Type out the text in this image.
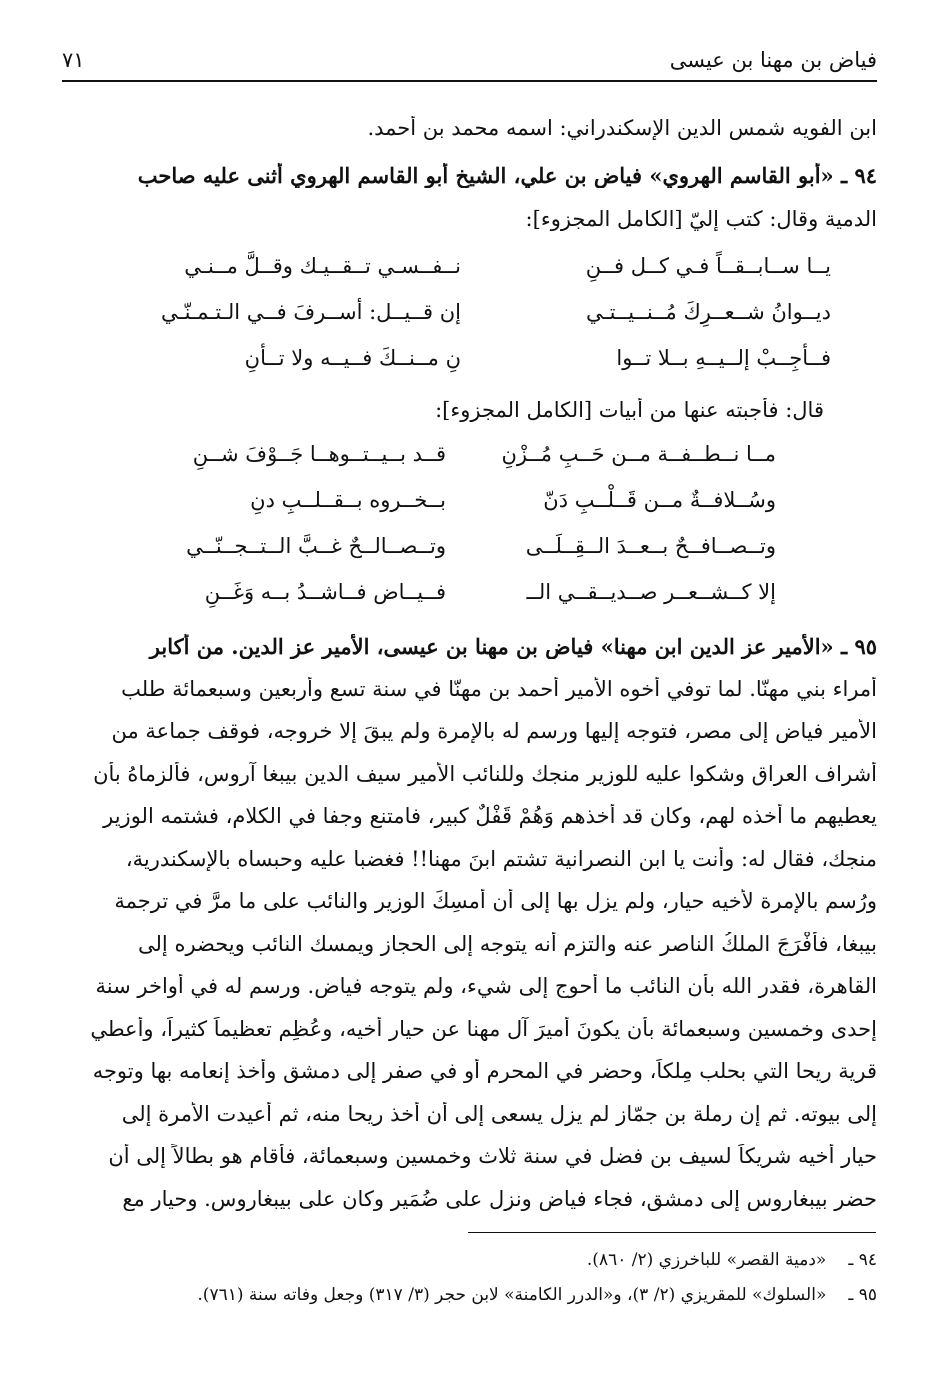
فياض بن مهنا بن عيسى
٧١
ابن الفويه شمس الدين الإسكندراني: اسمه محمد بن أحمد.
٩٤ ـ «أبو القاسم الهروي» فياض بن علي، الشيخ أبو القاسم الهروي أثنى عليه صاحب
الدمية وقال: كتب إليّ [الكامل المجزوء]:
يــا ســابــقــاً فـي كــل فــنِ
نــفــسـي تــقــيـك وقــلَّ مــنـي
ديــوانُ شــعــرِكَ مُــنــيــتـي
إن قــيــل: أســرفَ فــي الـتـمـنّـي
فــأجِــبْ إلــيــهِ بــلا تــوا
نِ مــنــكَ فــيــه ولا تــأنِ
قال: فأجبته عنها من أبيات [الكامل المجزوء]:
مــا نــطــفــة مــن حَــبِ مُــزْنِ
قــد بــيــتــوهــا جَــوْفَ شــنِ
وسُــلافــةٌ مــن قَــلْــبِ دَنّ
بــخــروه بــقــلــبِ دنِ
وتــصــافــحٌ بــعــدَ الــقِــلَــى
وتــصــالــحٌ غــبَّ الــتــجــنّــي
إلا كــشــعــر صــديــقــي الــ
فــيــاض فــاشــدُ بــه وَغَــنِ
٩٥ ـ «الأمير عز الدين ابن مهنا» فياض بن مهنا بن عيسى، الأمير عز الدين. من أكابر
أمراء بني مهنّا. لما توفي أخوه الأمير أحمد بن مهنّا في سنة تسع وأربعين وسبعمائة طلب
الأمير فياض إلى مصر، فتوجه إليها ورسم له بالإمرة ولم يبقَ إلا خروجه، فوقف جماعة من
أشراف العراق وشكوا عليه للوزير منجك وللنائب الأمير سيف الدين بيبغا آروس، فألزماهُ بأن
يعطيهم ما أخذه لهم، وكان قد أخذهم وَهُمْ قَفْلٌ كبير، فامتنع وجفا في الكلام، فشتمه الوزير
منجك، فقال له: وأنت يا ابن النصرانية تشتم ابنَ مهنا!! فغضبا عليه وحبساه بالإسكندرية،
ورُسم بالإمرة لأخيه حيار، ولم يزل بها إلى أن أُمسِكَ الوزير والنائب على ما مرَّ في ترجمة
بيبغا، فأفْرَجَ الملكُ الناصر عنه والتزم أنه يتوجه إلى الحجاز ويمسك النائب ويحضره إلى
القاهرة، فقدر الله بأن النائب ما أحوج إلى شيء، ولم يتوجه فياض. ورسم له في أواخر سنة
إحدى وخمسين وسبعمائة بأن يكونَ أميرَ آلِ مهنا عن حيارِ أخيه، وعُظِم تعظيماً كثيراً، وأعطي
قرية ريحا التي بحلب مِلكاً، وحضر في المحرم أو في صفر إلى دمشق وأخذ إنعامه بها وتوجه
إلى بيوته. ثم إن رملة بن جمّاز لم يزل يسعى إلى أن أخذ ريحا منه، ثم أُعيدت الأمرة إلى
حيار أخيه شريكاً لسيف بن فضل في سنة ثلاث وخمسين وسبعمائة، فأقام هو بطالاً إلى أن
حضر بيبغاروس إلى دمشق، فجاء فياض ونزل على ضُمَير وكان على بيبغاروس. وحيار مع
٩٤ ـ«دمية القصر» للباخرزي (٢/ ٨٦٠).
٩٥ ـ«السلوك» للمقريزي (٢/ ٣)، و«الدرر الكامنة» لابن حجر (٣/ ٣١٧) وجعل وفاته سنة (٧٦١).
